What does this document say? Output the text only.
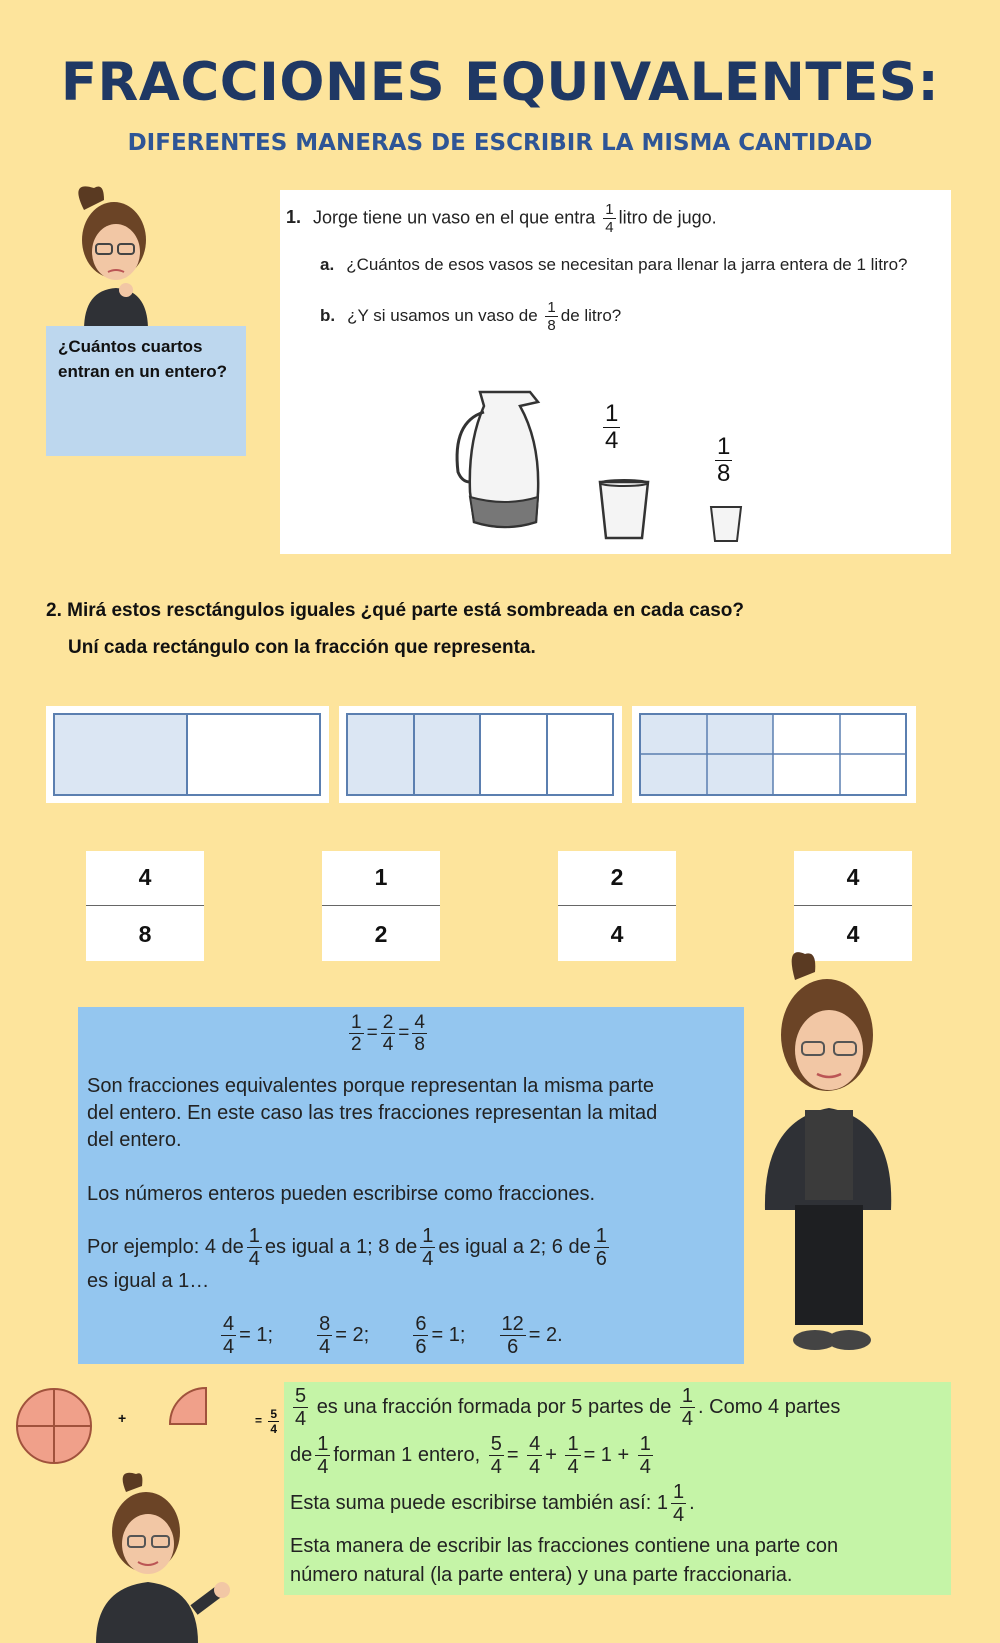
FRACCIONES EQUIVALENTES:
DIFERENTES MANERAS DE ESCRIBIR LA MISMA CANTIDAD
¿Cuántos cuartos entran en un entero?
1. Jorge tiene un vaso en el que entra $\frac{1}{4}$ litro de jugo.
a. ¿Cuántos de esos vasos se necesitan para llenar la jarra entera de 1 litro?
b. ¿Y si usamos un vaso de $\frac{1}{8}$ de litro?
$\frac{1}{4}$
$\frac{1}{8}$
2. Mirá estos resctángulos iguales ¿qué parte está sombreada en cada caso?
Uní cada rectángulo con la fracción que representa.
4
8
1
2
2
4
4
4
$\frac{1}{2} = \frac{2}{4} = \frac{4}{8}$
Son fracciones equivalentes porque representan la misma parte
del entero. En este caso las tres fracciones representan la mitad
del entero.
Los números enteros pueden escribirse como fracciones.
Por ejemplo: 4 de $\frac{1}{4}$ es igual a 1; 8 de $\frac{1}{4}$ es igual a 2; 6 de $\frac{1}{6}$
es igual a 1…
$\frac{4}{4} = 1$; $\frac{8}{4} = 2$; $\frac{6}{6} = 1$; $\frac{12}{6} = 2$.
+	= $\frac{5}{4} \frac{5}{4}$ es una fracción formada por 5 partes de $\frac{1}{4}$ . Como 4 partes
de $\frac{1}{4}$ forman 1 entero, $\frac{5}{4} = \frac{4}{4} + \frac{1}{4} = 1 + \frac{1}{4}$
Esta suma puede escribirse también así: $1 \frac{1}{4}$ .
Esta manera de escribir las fracciones contiene una parte con
número natural (la parte entera) y una parte fraccionaria.
